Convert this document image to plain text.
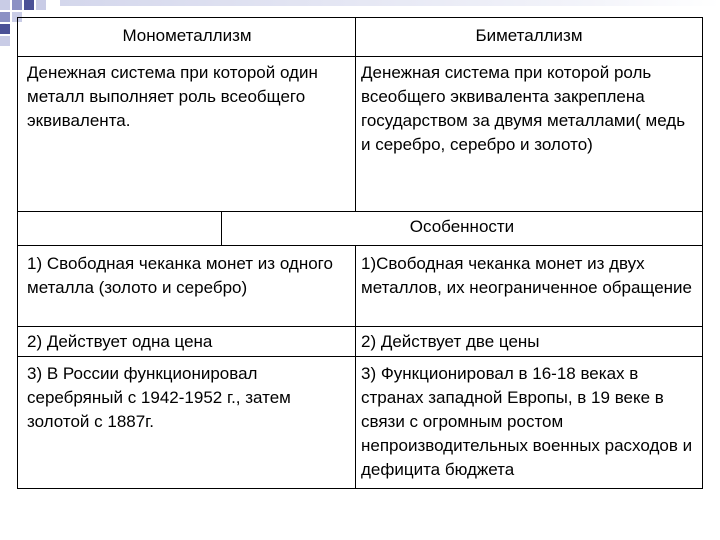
Монометаллизм	Биметаллизм
Денежная система при которой один металл выполняет роль всеобщего эквивалента.
Денежная система при которой роль всеобщего эквивалента закреплена государством за двумя металлами( медь и серебро, серебро и золото)
Особенности
1) Свободная чеканка монет из одного металла (золото и серебро)
1)Свободная чеканка монет из двух металлов, их неограниченное обращение
2) Действует одна цена	2) Действует две цены
3) В России функционировал серебряный с 1942-1952 г., затем золотой с 1887г.
3) Функционировал в 16-18 веках в странах западной Европы, в 19 веке в связи с огромным ростом непроизводительных военных расходов и дефицита бюджета
